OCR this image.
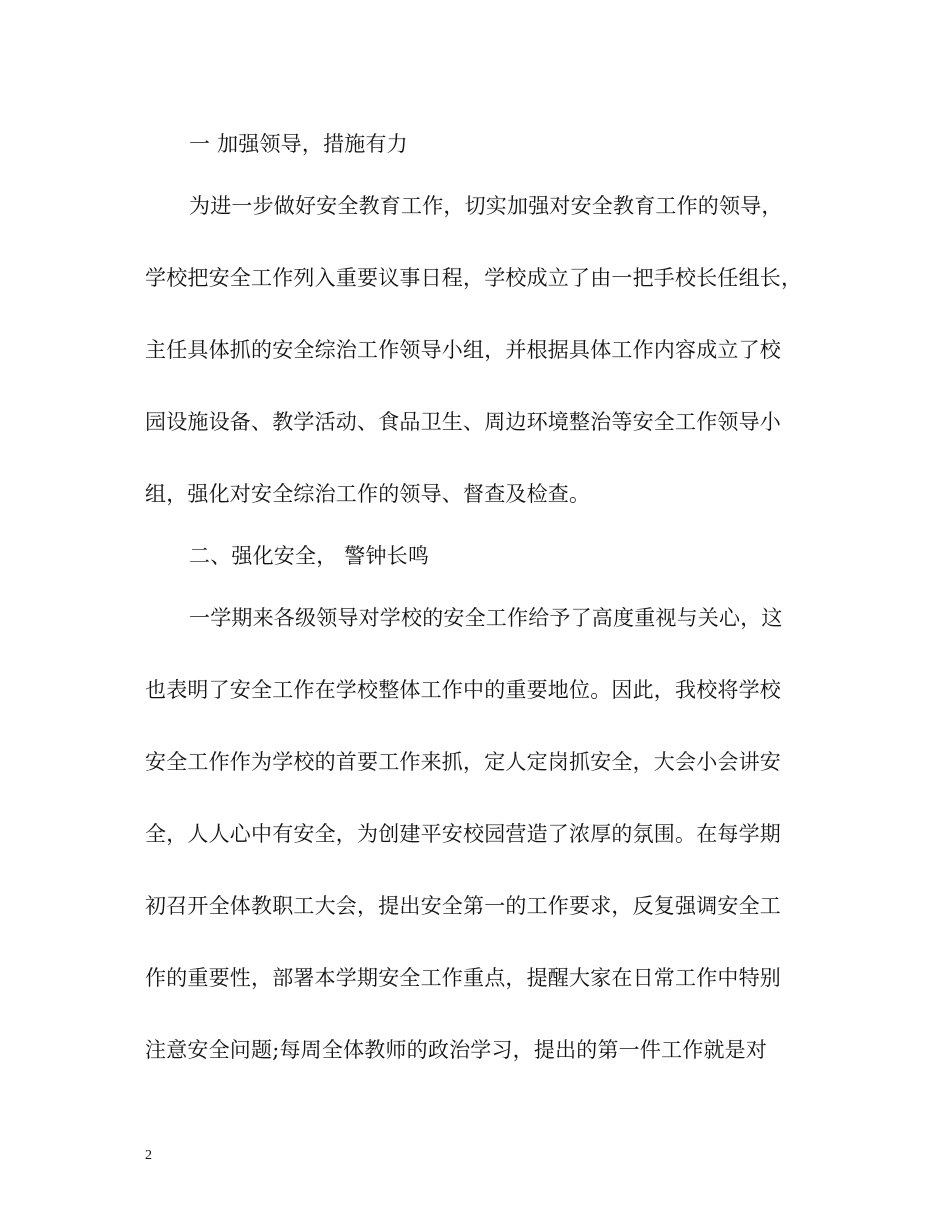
一 加强领导，措施有力
为进一步做好安全教育工作，切实加强对安全教育工作的领导，
学校把安全工作列入重要议事日程，学校成立了由一把手校长任组长，
主任具体抓的安全综治工作领导小组，并根据具体工作内容成立了校
园设施设备、教学活动、食品卫生、周边环境整治等安全工作领导小
组，强化对安全综治工作的领导、督查及检查。
二、强化安全， 警钟长鸣
一学期来各级领导对学校的安全工作给予了高度重视与关心，这
也表明了安全工作在学校整体工作中的重要地位。因此，我校将学校
安全工作作为学校的首要工作来抓，定人定岗抓安全，大会小会讲安
全，人人心中有安全，为创建平安校园营造了浓厚的氛围。在每学期
初召开全体教职工大会，提出安全第一的工作要求，反复强调安全工
作的重要性，部署本学期安全工作重点，提醒大家在日常工作中特别
注意安全问题;每周全体教师的政治学习，提出的第一件工作就是对
2
